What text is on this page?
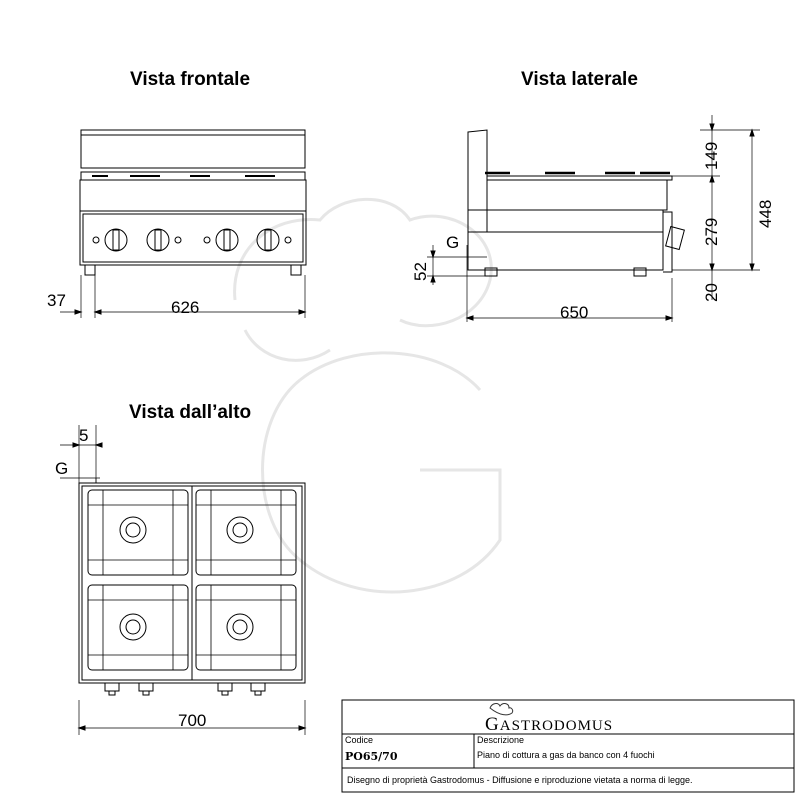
Vista frontale	Vista laterale
Vista dall’alto
37	626
G
650
149
448
279
52
20
5
G
700	GASTRODOMUS
Codice
PO65/70
Descrizione
Piano di cottura a gas da banco con 4 fuochi
Disegno di proprietà Gastrodomus - Diffusione e riproduzione vietata a norma di legge.
